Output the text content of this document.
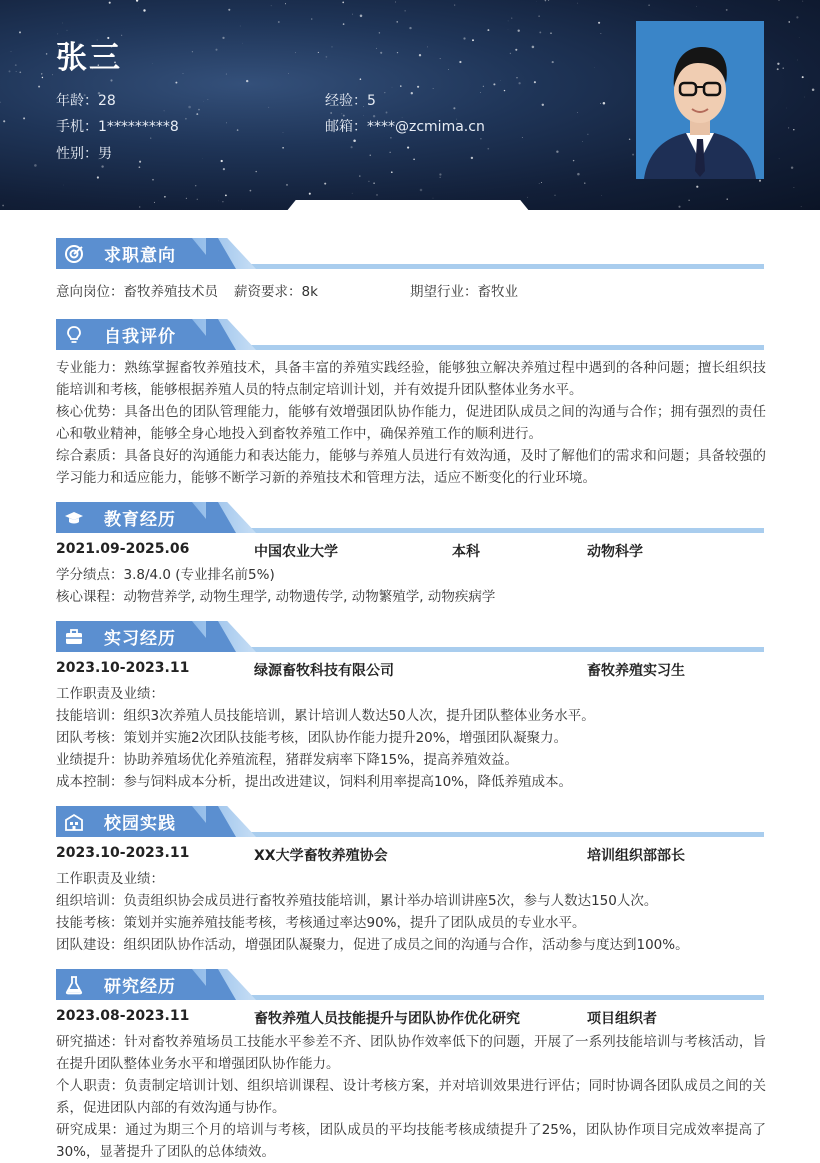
张三
年龄：28
手机：1*********8
性别：男
经验：5
邮箱：****@zcmima.cn
求职意向
意向岗位：畜牧养殖技术员 薪资要求：8k	期望行业：畜牧业
自我评价
专业能力：熟练掌握畜牧养殖技术，具备丰富的养殖实践经验，能够独立解决养殖过程中遇到的各种问题；擅长组织技能培训和考核，能够根据养殖人员的特点制定培训计划，并有效提升团队整体业务水平。
核心优势：具备出色的团队管理能力，能够有效增强团队协作能力，促进团队成员之间的沟通与合作；拥有强烈的责任心和敬业精神，能够全身心地投入到畜牧养殖工作中，确保养殖工作的顺利进行。
综合素质：具备良好的沟通能力和表达能力，能够与养殖人员进行有效沟通，及时了解他们的需求和问题；具备较强的学习能力和适应能力，能够不断学习新的养殖技术和管理方法，适应不断变化的行业环境。
教育经历
2021.09-2025.06	中国农业大学	本科	动物科学
学分绩点：3.8/4.0 (专业排名前5%)
核心课程：动物营养学, 动物生理学, 动物遗传学, 动物繁殖学, 动物疾病学
实习经历
2023.10-2023.11	绿源畜牧科技有限公司	畜牧养殖实习生
工作职责及业绩：
技能培训：组织3次养殖人员技能培训，累计培训人数达50人次，提升团队整体业务水平。
团队考核：策划并实施2次团队技能考核，团队协作能力提升20%，增强团队凝聚力。
业绩提升：协助养殖场优化养殖流程，猪群发病率下降15%，提高养殖效益。
成本控制：参与饲料成本分析，提出改进建议，饲料利用率提高10%，降低养殖成本。
校园实践
2023.10-2023.11	XX大学畜牧养殖协会	培训组织部部长
工作职责及业绩：
组织培训：负责组织协会成员进行畜牧养殖技能培训，累计举办培训讲座5次，参与人数达150人次。
技能考核：策划并实施养殖技能考核，考核通过率达90%，提升了团队成员的专业水平。
团队建设：组织团队协作活动，增强团队凝聚力，促进了成员之间的沟通与合作，活动参与度达到100%。
研究经历
2023.08-2023.11	畜牧养殖人员技能提升与团队协作优化研究	项目组织者
研究描述：针对畜牧养殖场员工技能水平参差不齐、团队协作效率低下的问题，开展了一系列技能培训与考核活动，旨在提升团队整体业务水平和增强团队协作能力。
个人职责：负责制定培训计划、组织培训课程、设计考核方案，并对培训效果进行评估；同时协调各团队成员之间的关系，促进团队内部的有效沟通与协作。
研究成果：通过为期三个月的培训与考核，团队成员的平均技能考核成绩提升了25%，团队协作项目完成效率提高了30%，显著提升了团队的总体绩效。
